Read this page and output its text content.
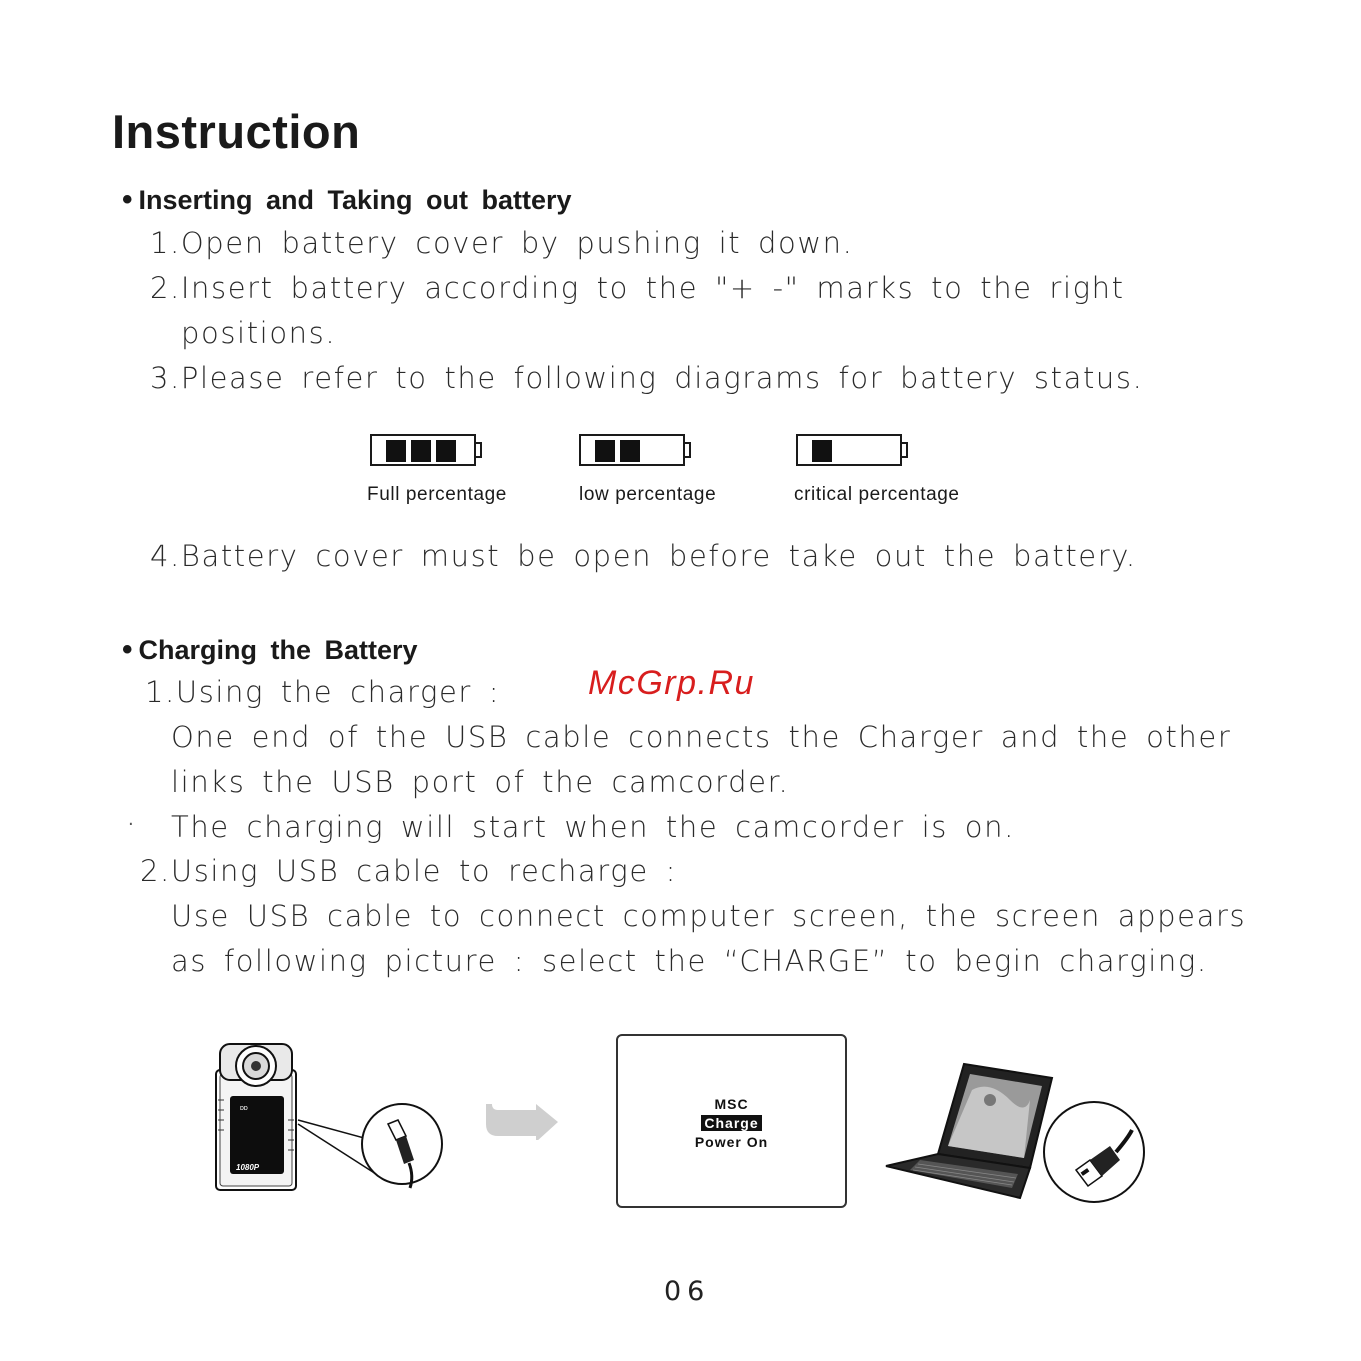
Instruction
• Inserting and Taking out battery
1.Open battery cover by pushing it down.
2.Insert battery according to the "+ -" marks to the right
positions.
3.Please refer to the following diagrams for battery status.
Full percentage	low percentage	critical percentage
4.Battery cover must be open before take out the battery.
• Charging the Battery
1.Using the charger :	McGrp.Ru
One end of the USB cable connects the Charger and the other
links the USB port of the camcorder.
· The charging will start when the camcorder is on.
2.Using USB cable to recharge :
Use USB cable to connect computer screen, the screen appears
as following picture : select the “CHARGE” to begin charging.
ᴅᴅ
1080P
MSC
Charge
Power On
06
